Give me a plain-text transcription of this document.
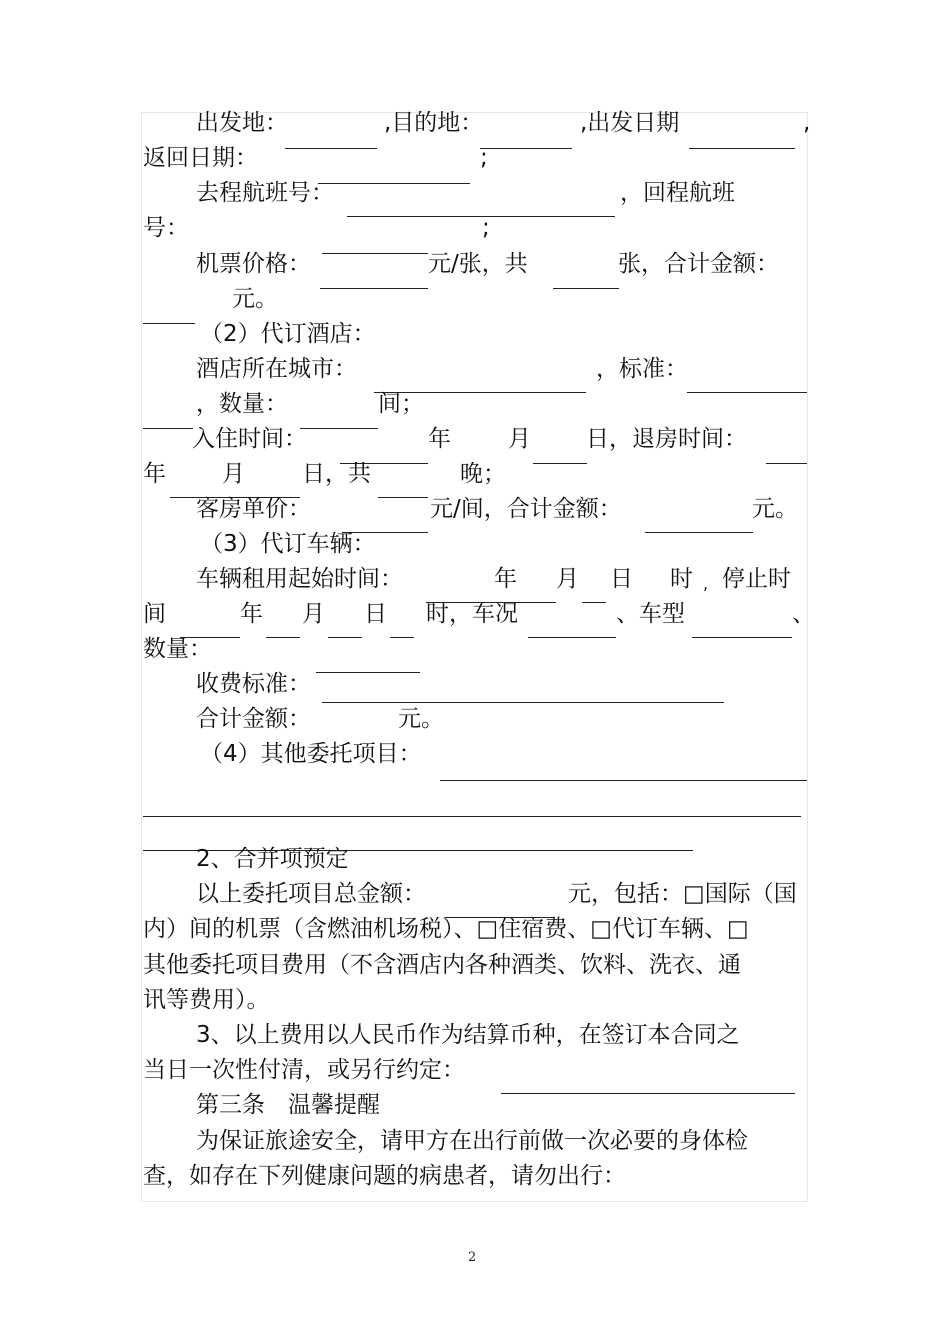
出发地：	,目的地：	,出发日期	,
返回日期：	;
去程航班号：	，回程航班
号：	;
机票价格：	元/张，共	张，合计金额：
元。
（2）代订酒店：
酒店所在城市：	，标准：
，数量：	间；
入住时间：	年 月 日，退房时间：
年 月 日，共	晚；
客房单价：	元/间，合计金额：	元。
（3）代订车辆：
车辆租用起始时间：	年 月 日 时 , 停止时
间	年 月 日 时，车况	、车型	、
数量：
收费标准：
合计金额：	元。
（4）其他委托项目：
2、合并项预定
以上委托项目总金额：	元，包括：□国际（国
内）间的机票（含燃油机场税）、□住宿费、□代订车辆、□
其他委托项目费用（不含酒店内各种酒类、饮料、洗衣、通
讯等费用）。
3、以上费用以人民币作为结算币种，在签订本合同之
当日一次性付清，或另行约定：
第三条　温馨提醒
为保证旅途安全，请甲方在出行前做一次必要的身体检
查，如存在下列健康问题的病患者，请勿出行：
2
